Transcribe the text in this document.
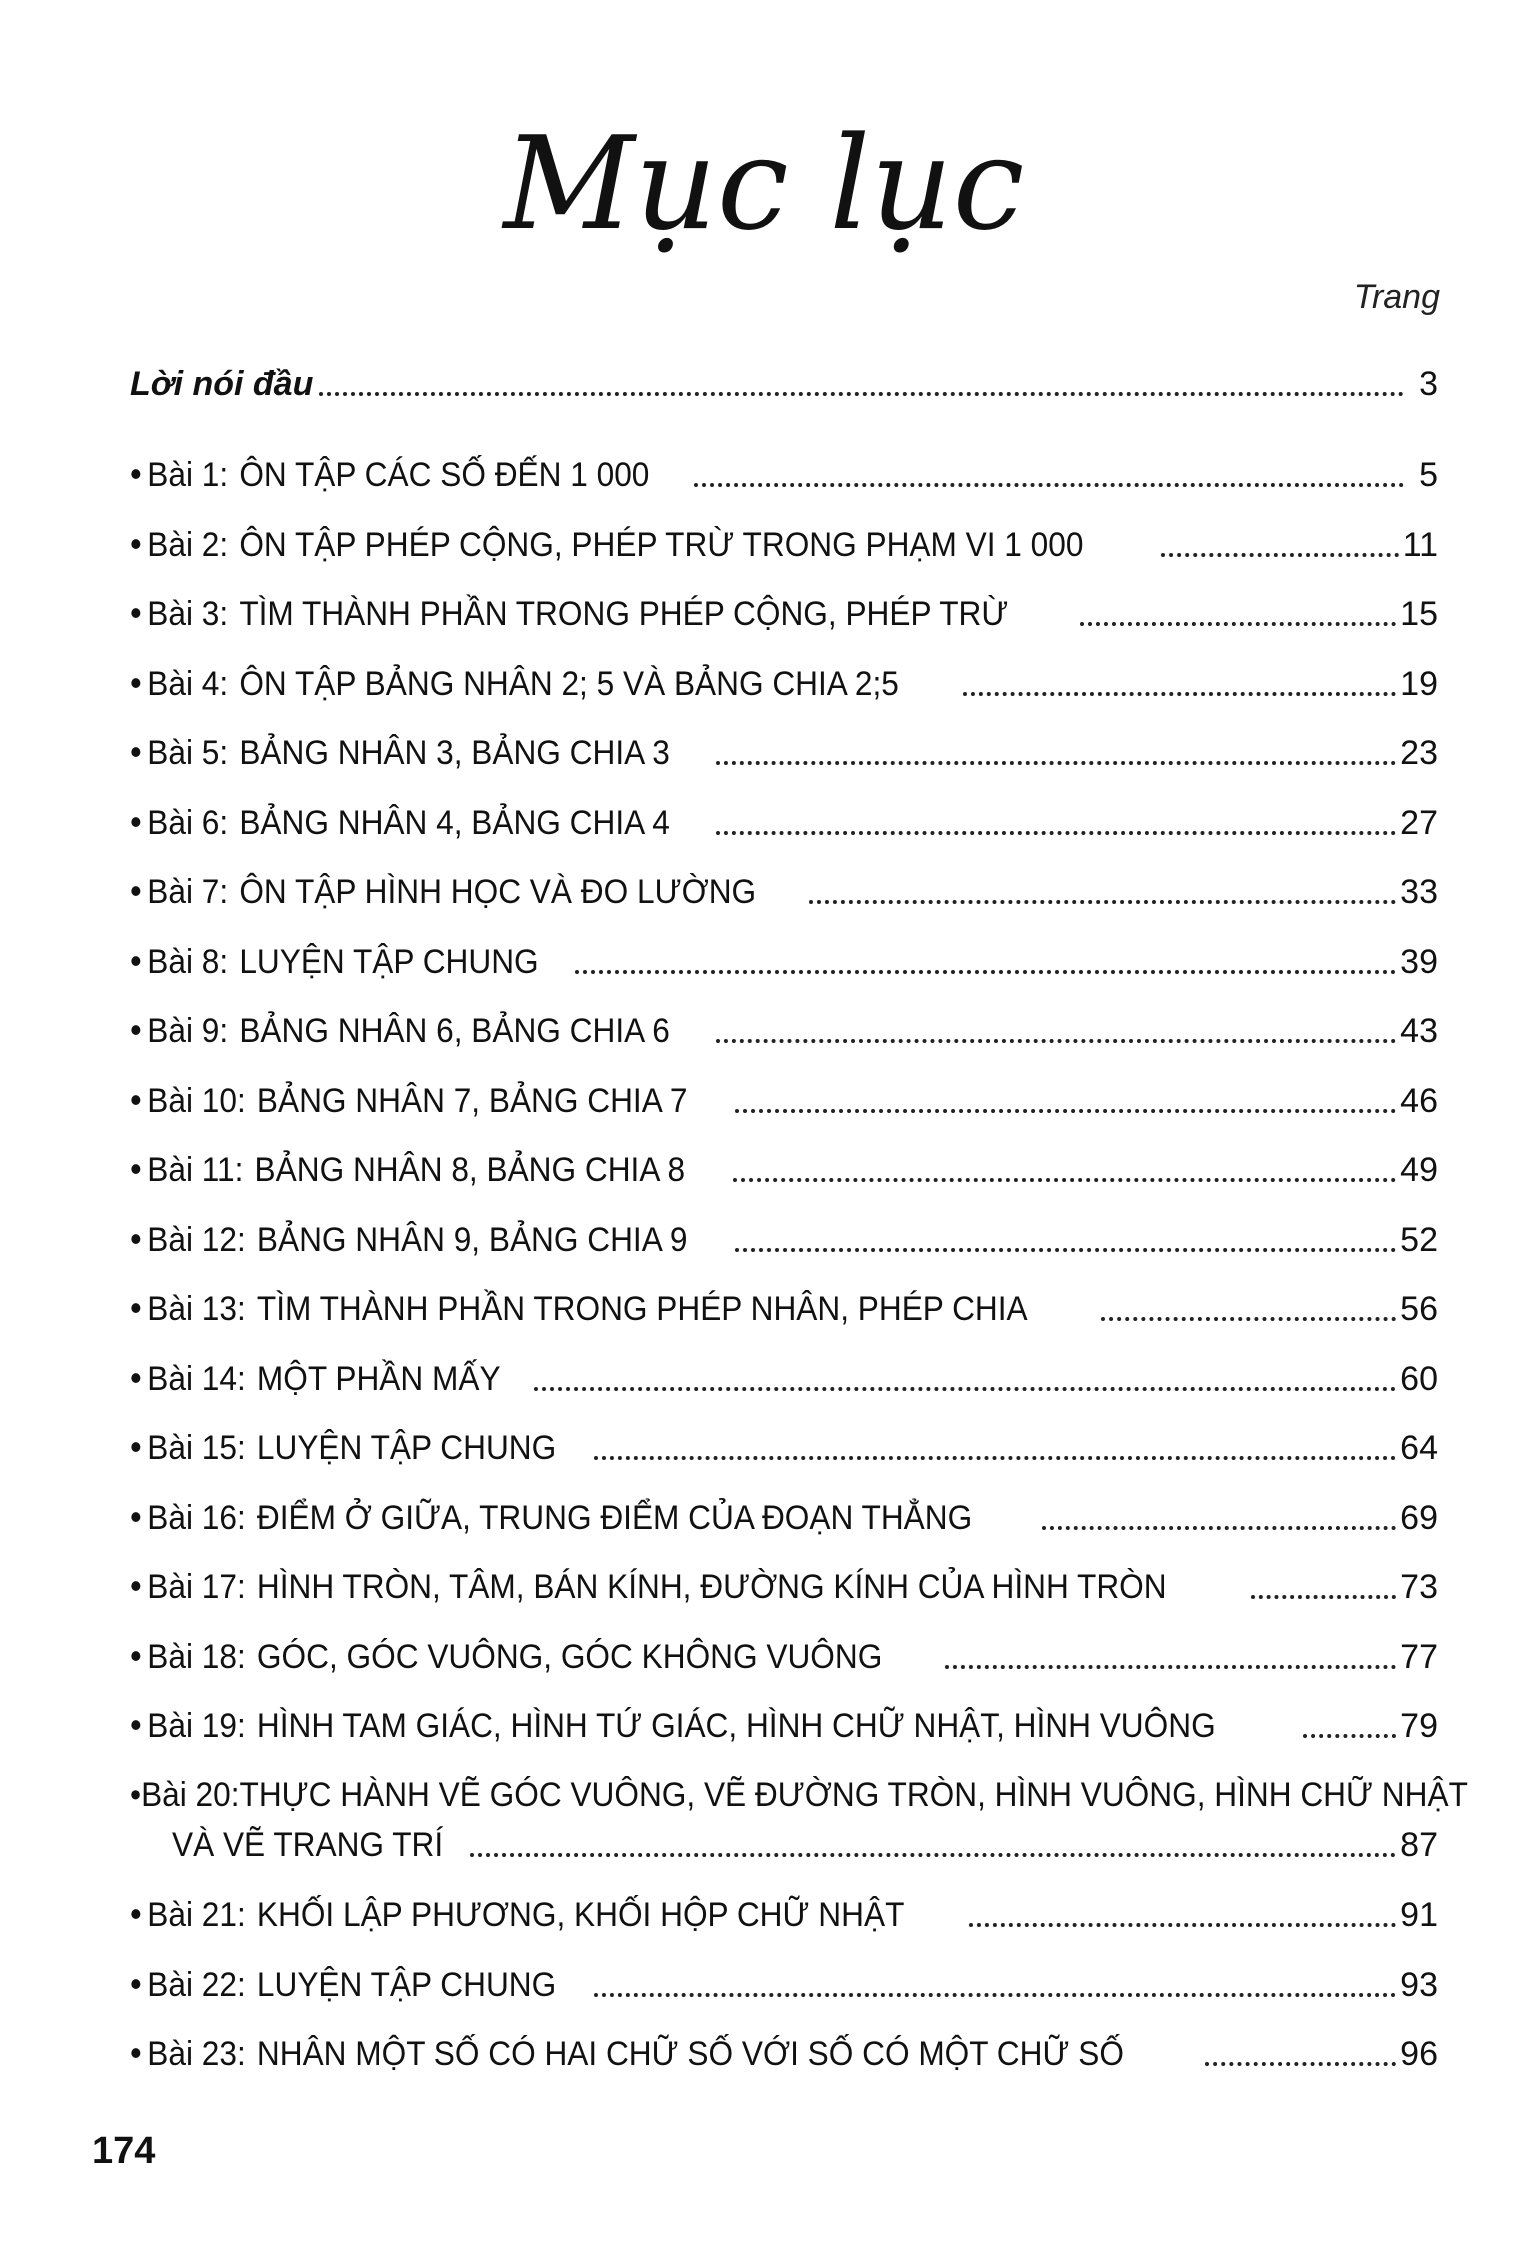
Mục lục
Trang
Lời nói đầu	3
• Bài 1: ÔN TẬP CÁC SỐ ĐẾN 1 000	5
• Bài 2: ÔN TẬP PHÉP CỘNG, PHÉP TRỪ TRONG PHẠM VI 1 000	11
• Bài 3: TÌM THÀNH PHẦN TRONG PHÉP CỘNG, PHÉP TRỪ	15
• Bài 4: ÔN TẬP BẢNG NHÂN 2; 5 VÀ BẢNG CHIA 2;5	19
• Bài 5: BẢNG NHÂN 3, BẢNG CHIA 3	23
• Bài 6: BẢNG NHÂN 4, BẢNG CHIA 4	27
• Bài 7: ÔN TẬP HÌNH HỌC VÀ ĐO LƯỜNG	33
• Bài 8: LUYỆN TẬP CHUNG	39
• Bài 9: BẢNG NHÂN 6, BẢNG CHIA 6	43
• Bài 10: BẢNG NHÂN 7, BẢNG CHIA 7	46
• Bài 11: BẢNG NHÂN 8, BẢNG CHIA 8	49
• Bài 12: BẢNG NHÂN 9, BẢNG CHIA 9	52
• Bài 13: TÌM THÀNH PHẦN TRONG PHÉP NHÂN, PHÉP CHIA	56
• Bài 14: MỘT PHẦN MẤY	60
• Bài 15: LUYỆN TẬP CHUNG	64
• Bài 16: ĐIỂM Ở GIỮA, TRUNG ĐIỂM CỦA ĐOẠN THẲNG	69
• Bài 17: HÌNH TRÒN, TÂM, BÁN KÍNH, ĐƯỜNG KÍNH CỦA HÌNH TRÒN	73
• Bài 18: GÓC, GÓC VUÔNG, GÓC KHÔNG VUÔNG	77
• Bài 19: HÌNH TAM GIÁC, HÌNH TỨ GIÁC, HÌNH CHỮ NHẬT, HÌNH VUÔNG	79
•Bài 20:THỰC HÀNH VẼ GÓC VUÔNG, VẼ ĐƯỜNG TRÒN, HÌNH VUÔNG, HÌNH CHỮ NHẬT
VÀ VẼ TRANG TRÍ	87
• Bài 21: KHỐI LẬP PHƯƠNG, KHỐI HỘP CHỮ NHẬT	91
• Bài 22: LUYỆN TẬP CHUNG	93
• Bài 23: NHÂN MỘT SỐ CÓ HAI CHỮ SỐ VỚI SỐ CÓ MỘT CHỮ SỐ	96
174
